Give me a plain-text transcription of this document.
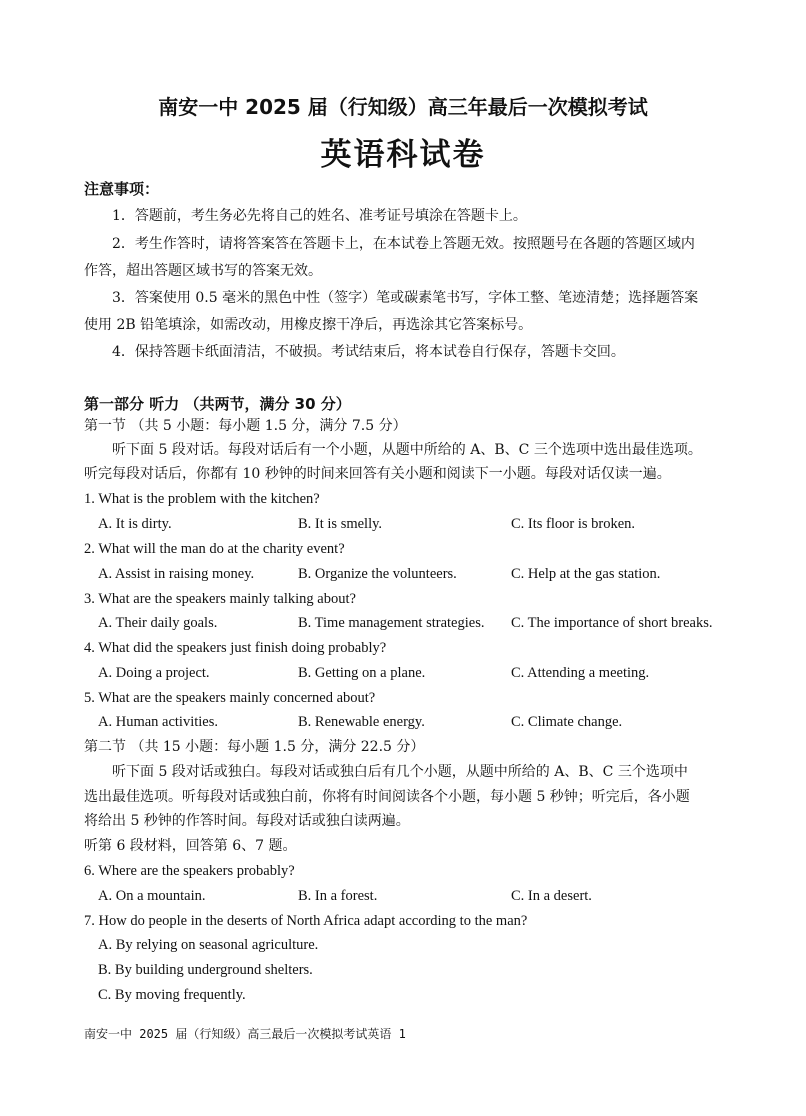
南安一中 2025 届（行知级）高三年最后一次模拟考试
英语科试卷
注意事项：
1．答题前，考生务必先将自己的姓名、准考证号填涂在答题卡上。
2．考生作答时，请将答案答在答题卡上，在本试卷上答题无效。按照题号在各题的答题区域内
作答，超出答题区域书写的答案无效。
3．答案使用 0.5 毫米的黑色中性（签字）笔或碳素笔书写，字体工整、笔迹清楚；选择题答案
使用 2B 铅笔填涂，如需改动，用橡皮擦干净后，再选涂其它答案标号。
4．保持答题卡纸面清洁，不破损。考试结束后，将本试卷自行保存，答题卡交回。
第一部分 听力 （共两节，满分 30 分）
第一节 （共 5 小题：每小题 1.5 分，满分 7.5 分）
听下面 5 段对话。每段对话后有一个小题，从题中所给的 A、B、C 三个选项中选出最佳选项。
听完每段对话后，你都有 10 秒钟的时间来回答有关小题和阅读下一小题。每段对话仅读一遍。
1. What is the problem with the kitchen?
A. It is dirty.	B. It is smelly.	C. Its floor is broken.
2. What will the man do at the charity event?
A. Assist in raising money.	B. Organize the volunteers.	C. Help at the gas station.
3. What are the speakers mainly talking about?
A. Their daily goals.	B. Time management strategies. C. The importance of short breaks.
4. What did the speakers just finish doing probably?
A. Doing a project.	B. Getting on a plane.	C. Attending a meeting.
5. What are the speakers mainly concerned about?
A. Human activities.	B. Renewable energy.	C. Climate change.
第二节 （共 15 小题：每小题 1.5 分，满分 22.5 分）
听下面 5 段对话或独白。每段对话或独白后有几个小题，从题中所给的 A、B、C 三个选项中
选出最佳选项。听每段对话或独白前，你将有时间阅读各个小题，每小题 5 秒钟；听完后，各小题
将给出 5 秒钟的作答时间。每段对话或独白读两遍。
听第 6 段材料，回答第 6、7 题。
6. Where are the speakers probably?
A. On a mountain.	B. In a forest.	C. In a desert.
7. How do people in the deserts of North Africa adapt according to the man?
A. By relying on seasonal agriculture.
B. By building underground shelters.
C. By moving frequently.
南安一中 2025 届（行知级）高三最后一次模拟考试英语 1
